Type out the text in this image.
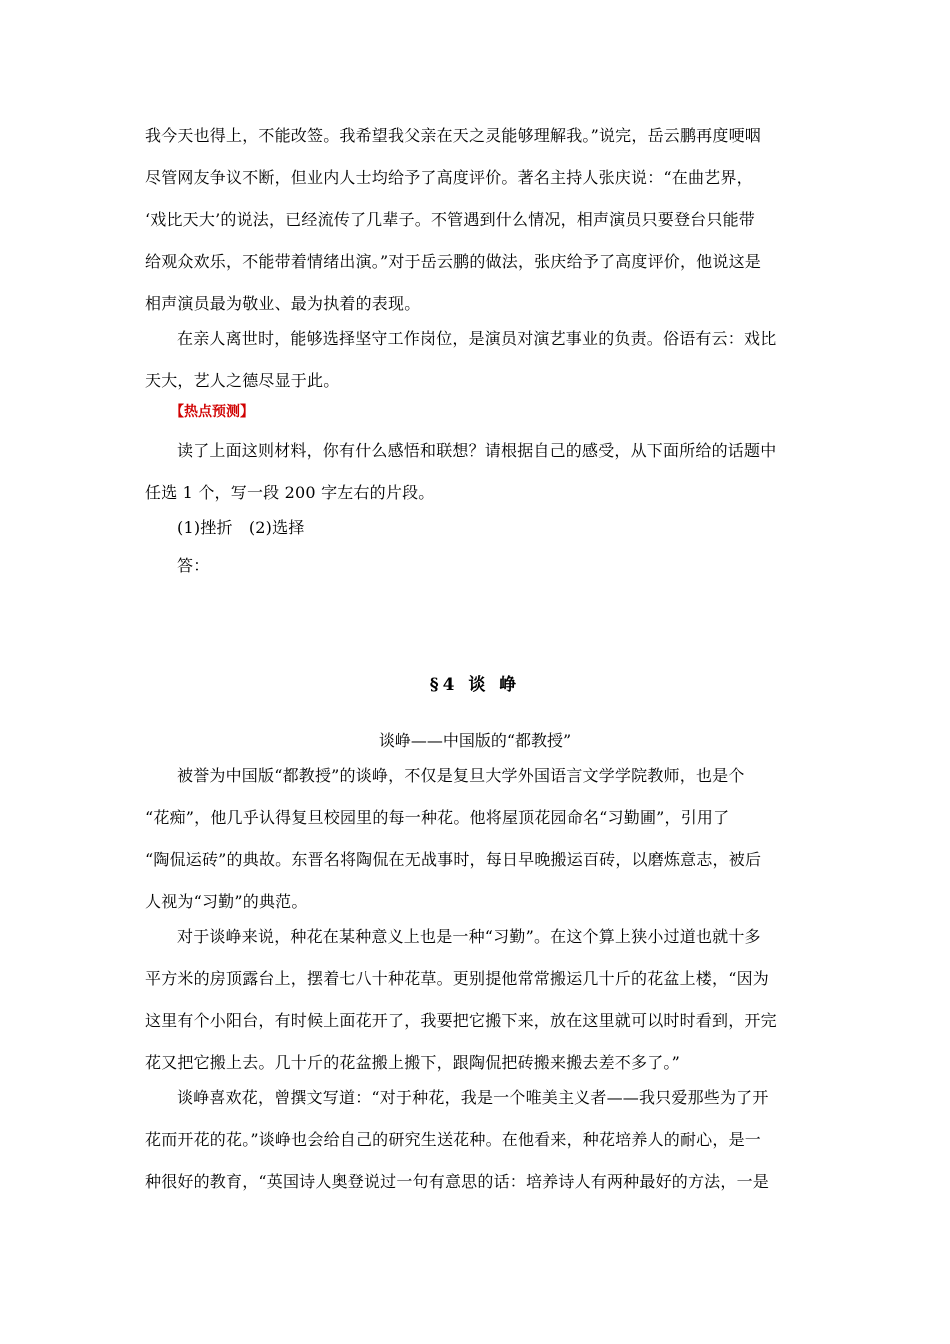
我今天也得上，不能改签。我希望我父亲在天之灵能够理解我。”说完，岳云鹏再度哽咽
尽管网友争议不断，但业内人士均给予了高度评价。著名主持人张庆说：“在曲艺界，
‘戏比天大’的说法，已经流传了几辈子。不管遇到什么情况，相声演员只要登台只能带
给观众欢乐，不能带着情绪出演。”对于岳云鹏的做法，张庆给予了高度评价，他说这是
相声演员最为敬业、最为执着的表现。
在亲人离世时，能够选择坚守工作岗位，是演员对演艺事业的负责。俗语有云：戏比
天大，艺人之德尽显于此。
【热点预测】
读了上面这则材料，你有什么感悟和联想？请根据自己的感受，从下面所给的话题中
任选 1 个，写一段 200 字左右的片段。
(1)挫折　(2)选择
答：
§4 谈 峥
谈峥——中国版的“都教授”
被誉为中国版“都教授”的谈峥，不仅是复旦大学外国语言文学学院教师，也是个
“花痴”，他几乎认得复旦校园里的每一种花。他将屋顶花园命名“习勤圃”，引用了
“陶侃运砖”的典故。东晋名将陶侃在无战事时，每日早晚搬运百砖，以磨炼意志，被后
人视为“习勤”的典范。
对于谈峥来说，种花在某种意义上也是一种“习勤”。在这个算上狭小过道也就十多
平方米的房顶露台上，摆着七八十种花草。更别提他常常搬运几十斤的花盆上楼，“因为
这里有个小阳台，有时候上面花开了，我要把它搬下来，放在这里就可以时时看到，开完
花又把它搬上去。几十斤的花盆搬上搬下，跟陶侃把砖搬来搬去差不多了。”
谈峥喜欢花，曾撰文写道：“对于种花，我是一个唯美主义者——我只爱那些为了开
花而开花的花。”谈峥也会给自己的研究生送花种。在他看来，种花培养人的耐心，是一
种很好的教育，“英国诗人奥登说过一句有意思的话：培养诗人有两种最好的方法，一是
